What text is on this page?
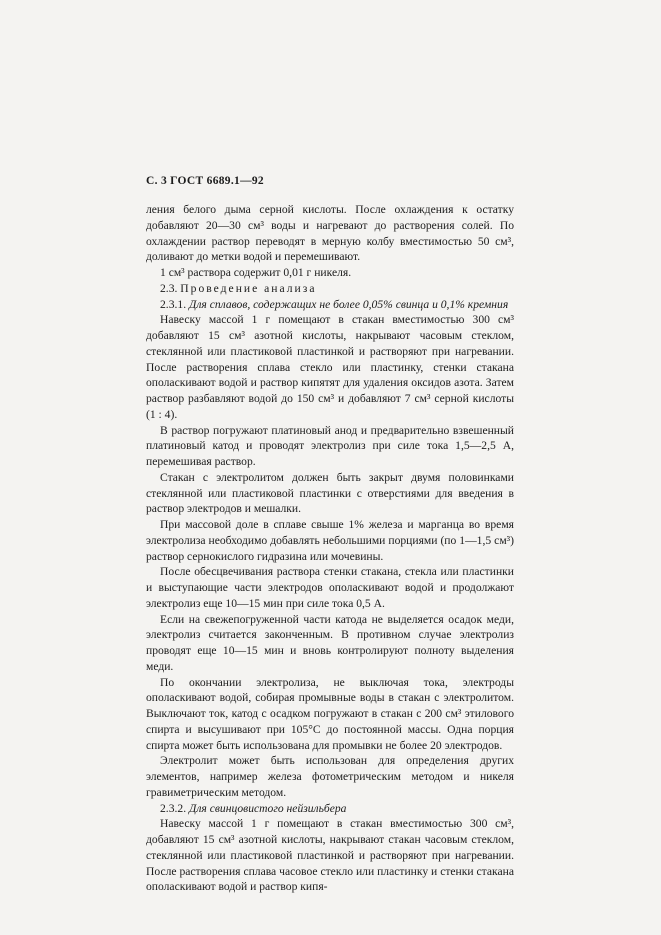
С. 3 ГОСТ 6689.1—92

ления белого дыма серной кислоты. После охлаждения к остатку добавляют 20—30 см³ воды и нагревают до растворения солей. По охлаждении раствор переводят в мерную колбу вместимостью 50 см³, доливают до метки водой и перемешивают.

1 см³ раствора содержит 0,01 г никеля.

2.3. Проведение анализа

2.3.1. Для сплавов, содержащих не более 0,05% свинца и 0,1% кремния

Навеску массой 1 г помещают в стакан вместимостью 300 см³ добавляют 15 см³ азотной кислоты, накрывают часовым стеклом, стеклянной или пластиковой пластинкой и растворяют при нагревании. После растворения сплава стекло или пластинку, стенки стакана ополаскивают водой и раствор кипятят для удаления оксидов азота. Затем раствор разбавляют водой до 150 см³ и добавляют 7 см³ серной кислоты (1 : 4).

В раствор погружают платиновый анод и предварительно взвешенный платиновый катод и проводят электролиз при силе тока 1,5—2,5 А, перемешивая раствор.

Стакан с электролитом должен быть закрыт двумя половинками стеклянной или пластиковой пластинки с отверстиями для введения в раствор электродов и мешалки.

При массовой доле в сплаве свыше 1% железа и марганца во время электролиза необходимо добавлять небольшими порциями (по 1—1,5 см³) раствор сернокислого гидразина или мочевины.

После обесцвечивания раствора стенки стакана, стекла или пластинки и выступающие части электродов ополаскивают водой и продолжают электролиз еще 10—15 мин при силе тока 0,5 А.

Если на свежепогруженной части катода не выделяется осадок меди, электролиз считается законченным. В противном случае электролиз проводят еще 10—15 мин и вновь контролируют полноту выделения меди.

По окончании электролиза, не выключая тока, электроды ополаскивают водой, собирая промывные воды в стакан с электролитом. Выключают ток, катод с осадком погружают в стакан с 200 см³ этилового спирта и высушивают при 105°С до постоянной массы. Одна порция спирта может быть использована для промывки не более 20 электродов.

Электролит может быть использован для определения других элементов, например железа фотометрическим методом и никеля гравиметрическим методом.

2.3.2. Для свинцовистого нейзильбера

Навеску массой 1 г помещают в стакан вместимостью 300 см³, добавляют 15 см³ азотной кислоты, накрывают стакан часовым стеклом, стеклянной или пластиковой пластинкой и растворяют при нагревании. После растворения сплава часовое стекло или пластинку и стенки стакана ополаскивают водой и раствор кипя-
